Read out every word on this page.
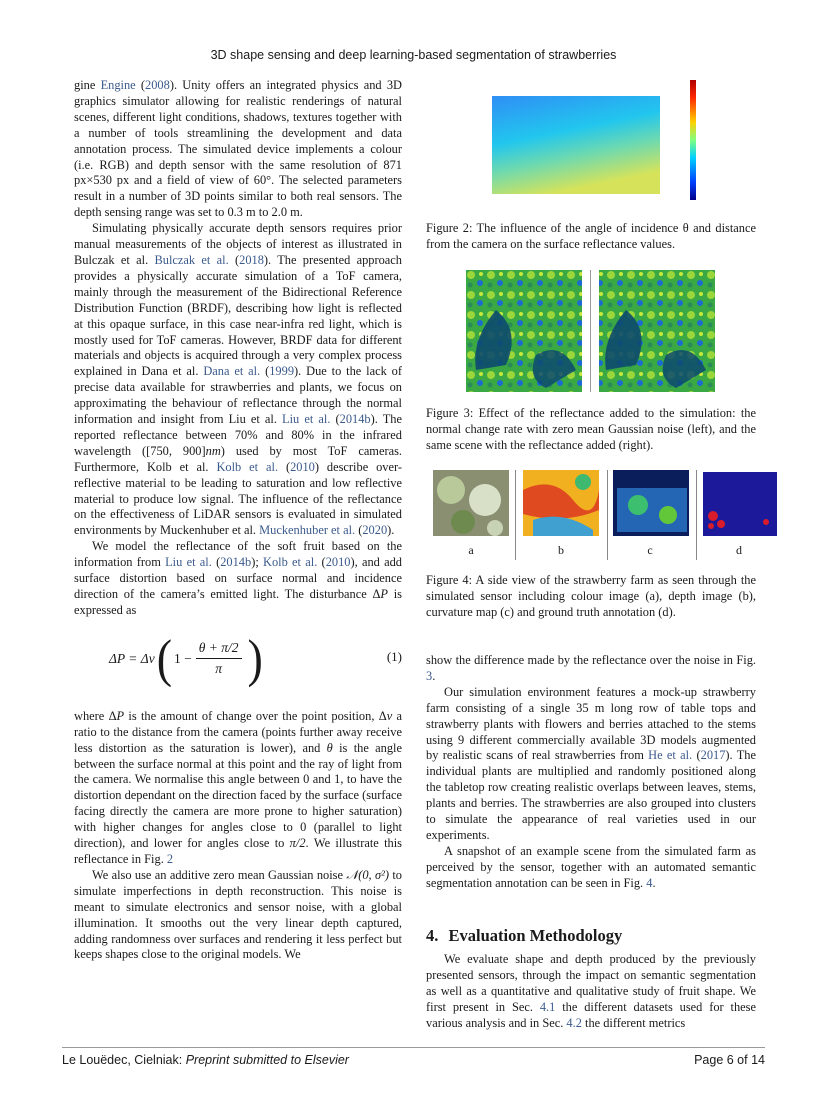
3D shape sensing and deep learning-based segmentation of strawberries

gine Engine (2008). Unity offers an integrated physics and 3D graphics simulator allowing for realistic renderings of natural scenes, different light conditions, shadows, textures together with a number of tools streamlining the development and data annotation process. The simulated device implements a colour (i.e. RGB) and depth sensor with the same resolution of 871 px×530 px and a field of view of 60°. The selected parameters result in a number of 3D points similar to both real sensors. The depth sensing range was set to 0.3 m to 2.0 m.

Simulating physically accurate depth sensors requires prior manual measurements of the objects of interest as illustrated in Bulczak et al. Bulczak et al. (2018). The presented approach provides a physically accurate simulation of a ToF camera, mainly through the measurement of the Bidirectional Reference Distribution Function (BRDF), describing how light is reflected at this opaque surface, in this case near-infra red light, which is mostly used for ToF cameras. However, BRDF data for different materials and objects is acquired through a very complex process explained in Dana et al. Dana et al. (1999). Due to the lack of precise data available for strawberries and plants, we focus on approximating the behaviour of reflectance through the normal information and insight from Liu et al. Liu et al. (2014b). The reported reflectance between 70% and 80% in the infrared wavelength ([750, 900]nm) used by most ToF cameras. Furthermore, Kolb et al. Kolb et al. (2010) describe over-reflective material to be leading to saturation and low reflective material to produce low signal. The influence of the reflectance on the effectiveness of LiDAR sensors is evaluated in simulated environments by Muckenhuber et al. Muckenhuber et al. (2020).

We model the reflectance of the soft fruit based on the information from Liu et al. (2014b); Kolb et al. (2010), and add surface distortion based on surface normal and incidence direction of the camera’s emitted light. The disturbance ΔP is expressed as

ΔP = Δv ( $1 - \frac{\theta + \pi/2}{\pi}$ )	(1)

where ΔP is the amount of change over the point position, Δv a ratio to the distance from the camera (points further away receive less distortion as the saturation is lower), and θ is the angle between the surface normal at this point and the ray of light from the camera. We normalise this angle between 0 and 1, to have the distortion dependant on the direction faced by the surface (surface facing directly the camera are more prone to higher saturation) with higher changes for angles close to 0 (parallel to light direction), and lower for angles close to π/2. We illustrate this reflectance in Fig. 2

We also use an additive zero mean Gaussian noise 𝒩(0, σ²) to simulate imperfections in depth reconstruction. This noise is meant to simulate electronics and sensor noise, with a global illumination. It smooths out the very linear depth captured, adding randomness over surfaces and rendering it less perfect but keeps shapes close to the original models. We

Figure 2: The influence of the angle of incidence θ and distance from the camera on the surface reflectance values.
Figure 3: Effect of the reflectance added to the simulation: the normal change rate with zero mean Gaussian noise (left), and the same scene with the reflectance added (right).
a	b	c	d
Figure 4: A side view of the strawberry farm as seen through the simulated sensor including colour image (a), depth image (b), curvature map (c) and ground truth annotation (d).

show the difference made by the reflectance over the noise in Fig. 3.

Our simulation environment features a mock-up strawberry farm consisting of a single 35 m long row of table tops and strawberry plants with flowers and berries attached to the stems using 9 different commercially available 3D models augmented by realistic scans of real strawberries from He et al. (2017). The individual plants are multiplied and randomly positioned along the tabletop row creating realistic overlaps between leaves, stems, plants and berries. The strawberries are also grouped into clusters to simulate the appearance of real varieties used in our experiments.

A snapshot of an example scene from the simulated farm as perceived by the sensor, together with an automated semantic segmentation annotation can be seen in Fig. 4.

4. Evaluation Methodology

We evaluate shape and depth produced by the previously presented sensors, through the impact on semantic segmentation as well as a quantitative and qualitative study of fruit shape. We first present in Sec. 4.1 the different datasets used for these various analysis and in Sec. 4.2 the different metrics

Le Louëdec, Cielniak: Preprint submitted to Elsevier	Page 6 of 14
